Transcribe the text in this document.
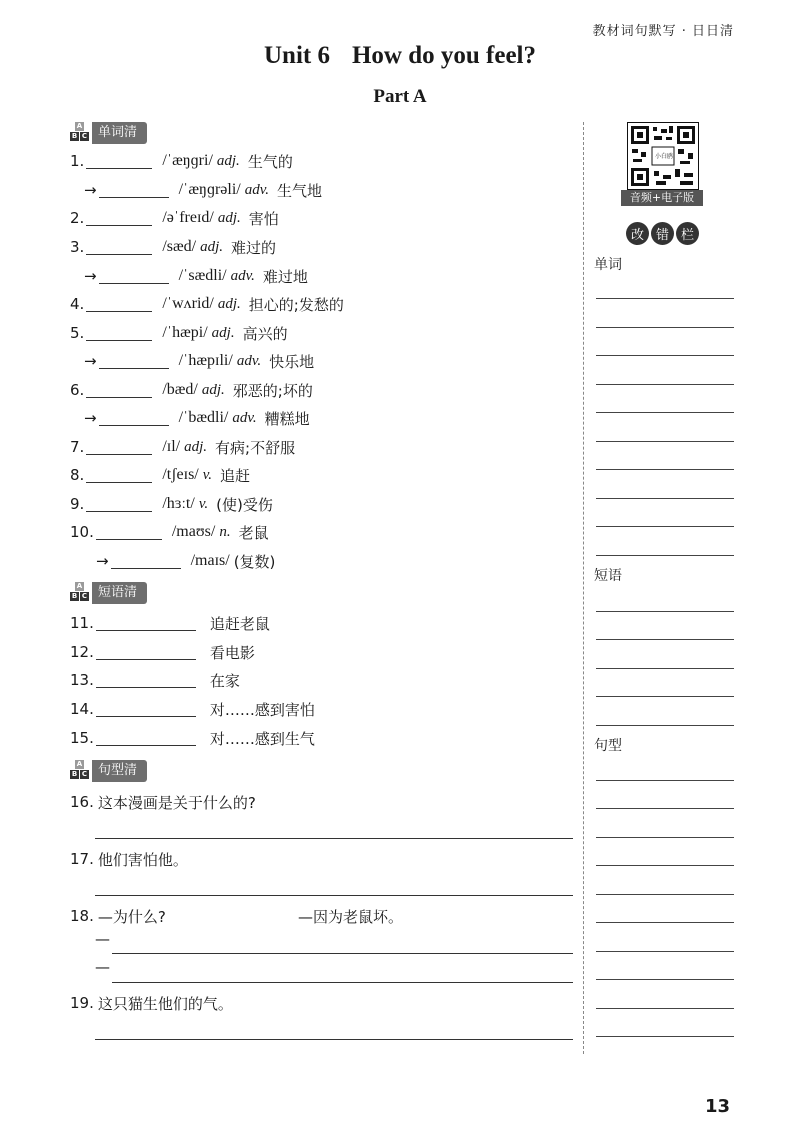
教材词句默写 · 日日清
Unit 6 How do you feel?
Part A
A
B C 单词清
1.	/ˈæŋɡri/ adj. 生气的
→	/ˈæŋɡrəli/ adv. 生气地
2.	/əˈfreɪd/ adj. 害怕
3.	/sæd/ adj. 难过的
→	/ˈsædli/ adv. 难过地
4.	/ˈwʌrid/ adj. 担心的;发愁的
5.	/ˈhæpi/ adj. 高兴的
→	/ˈhæpɪli/ adv. 快乐地
6.	/bæd/ adj. 邪恶的;坏的
→	/ˈbædli/ adv. 糟糕地
7.	/ɪl/ adj. 有病;不舒服
8.	/tʃeɪs/ v. 追赶
9.	/hɜːt/ v. (使)受伤
10.	/maʊs/ n. 老鼠
→	/maɪs/ (复数)
A
B C 短语清
11.	追赶老鼠
12.	看电影
13.	在家
14.	对……感到害怕
15.	对……感到生气
A
B C 句型清
16. 这本漫画是关于什么的?
17. 他们害怕他。
18. —为什么?	—因为老鼠坏。
—
—
19. 这只猫生他们的气。
小白鸥
音频+电子版
改 错 栏
单词
短语
句型
13
